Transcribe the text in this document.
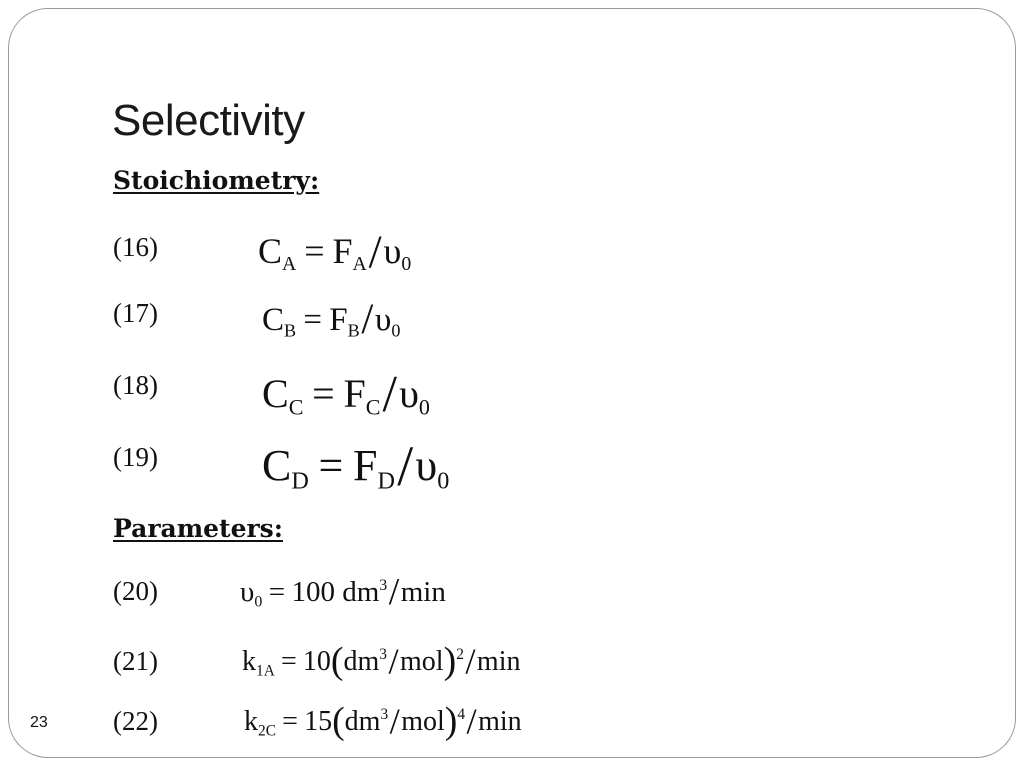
Selectivity
Stoichiometry:
(16)	$C_A = F_A/\upsilon_0$
(17)	$C_B = F_B/\upsilon_0$
(18)	$C_C = F_C/\upsilon_0$
(19) $C_D = F_D/\upsilon_0$
Parameters:
(20)	$\upsilon_0 = 100$ $dm^3/\min$
(21)	$k_{1A} = 10(dm^3/mol)^2/\min$
(22)	$k_{2C} = 15(dm^3/mol)^4/\min$
23
